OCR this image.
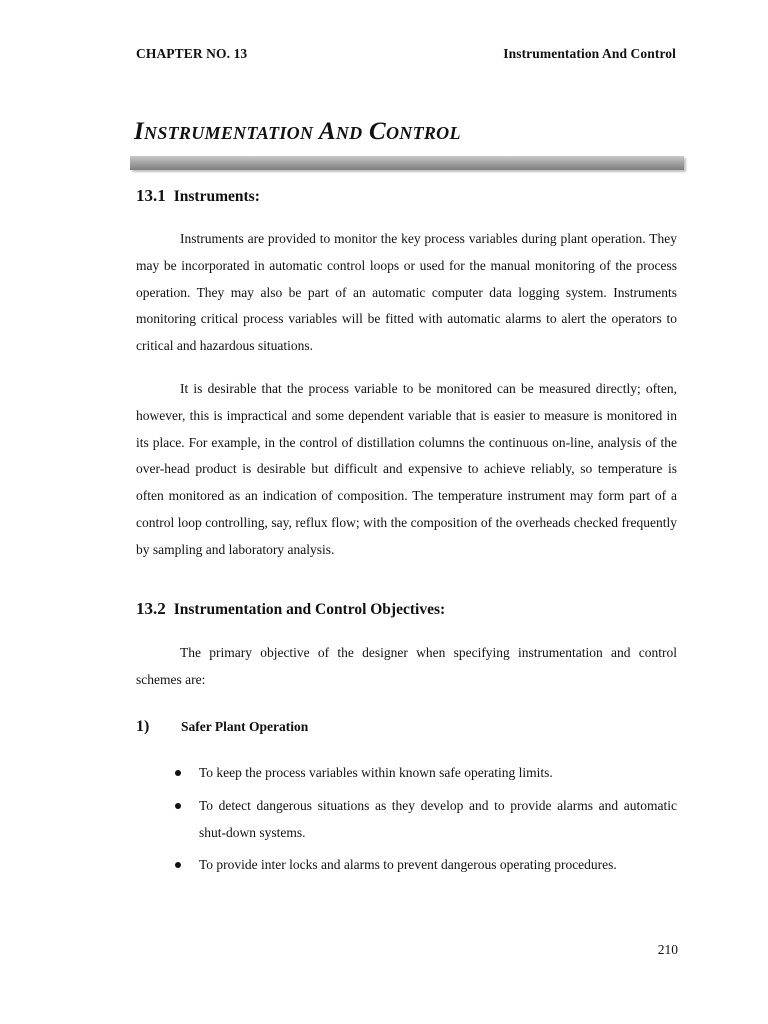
CHAPTER NO. 13	Instrumentation And Control
Instrumentation And Control
13.1 Instruments:

Instruments are provided to monitor the key process variables during plant operation. They may be incorporated in automatic control loops or used for the manual monitoring of the process operation. They may also be part of an automatic computer data logging system. Instruments monitoring critical process variables will be fitted with automatic alarms to alert the operators to critical and hazardous situations.

It is desirable that the process variable to be monitored can be measured directly; often, however, this is impractical and some dependent variable that is easier to measure is monitored in its place. For example, in the control of distillation columns the continuous on-line, analysis of the over-head product is desirable but difficult and expensive to achieve reliably, so temperature is often monitored as an indication of composition. The temperature instrument may form part of a control loop controlling, say, reflux flow; with the composition of the overheads checked frequently by sampling and laboratory analysis.

13.2 Instrumentation and Control Objectives:

The primary objective of the designer when specifying instrumentation and control schemes are:

1) Safer Plant Operation
To keep the process variables within known safe operating limits.
To detect dangerous situations as they develop and to provide alarms and automatic shut-down systems.
To provide inter locks and alarms to prevent dangerous operating procedures.
210
